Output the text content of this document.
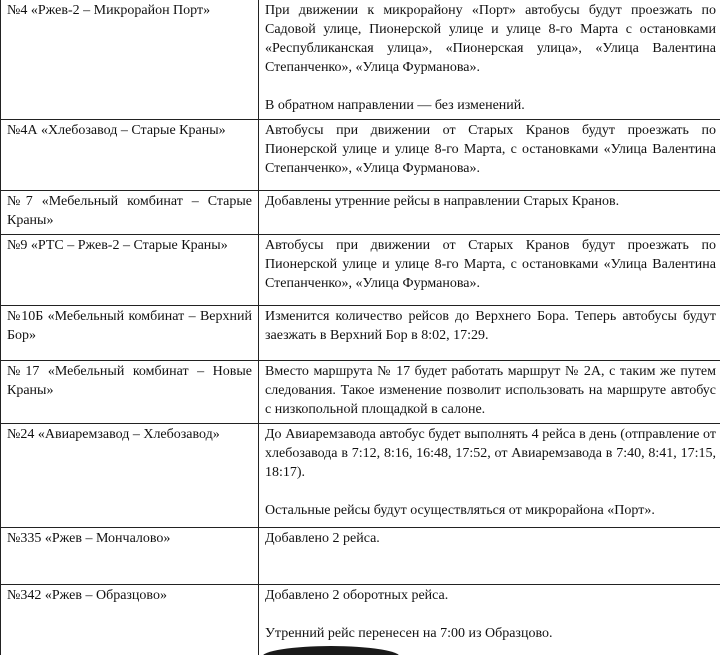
№4 «Ржев-2 – Микрорайон Порт»	При движении к микрорайону «Порт» автобусы будут проезжать по Садовой улице, Пионерской улице и улице 8-го Марта с остановками «Республиканская улица», «Пионерская улица», «Улица Валентина Степанченко», «Улица Фурманова».

В обратном направлении — без изменений.

№4А «Хлебозавод – Старые Краны»	Автобусы при движении от Старых Кранов будут проезжать по Пионерской улице и улице 8-го Марта, с остановками «Улица Валентина Степанченко», «Улица Фурманова».

№7 «Мебельный комбинат – Старые Краны»	Добавлены утренние рейсы в направлении Старых Кранов.

№9 «РТС – Ржев-2 – Старые Краны»	Автобусы при движении от Старых Кранов будут проезжать по Пионерской улице и улице 8-го Марта, с остановками «Улица Валентина Степанченко», «Улица Фурманова».

№10Б «Мебельный комбинат – Верхний Бор»	Изменится количество рейсов до Верхнего Бора. Теперь автобусы будут заезжать в Верхний Бор в 8:02, 17:29.

№17 «Мебельный комбинат – Новые Краны»	Вместо маршрута № 17 будет работать маршрут № 2А, с таким же путем следования. Такое изменение позволит использовать на маршруте автобус с низкопольной площадкой в салоне.

№24 «Авиаремзавод – Хлебозавод»	До Авиаремзавода автобус будет выполнять 4 рейса в день (отправление от хлебозавода в 7:12, 8:16, 16:48, 17:52, от Авиаремзавода в 7:40, 8:41, 17:15, 18:17).

Остальные рейсы будут осуществляться от микрорайона «Порт».

№335 «Ржев – Мончалово»	Добавлено 2 рейса.

№342 «Ржев – Образцово»	Добавлено 2 оборотных рейса.

Утренний рейс перенесен на 7:00 из Образцово.
